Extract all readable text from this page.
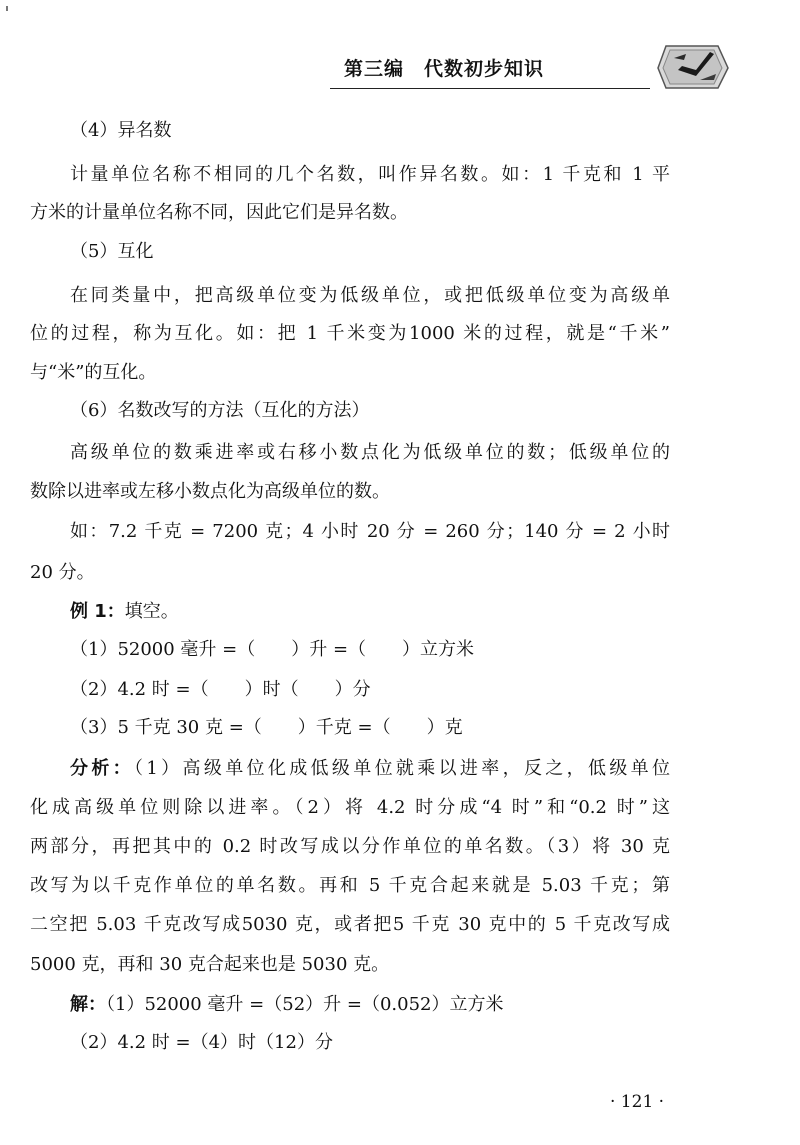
第三编　代数初步知识
（4）异名数
计量单位名称不相同的几个名数，叫作异名数。如：1 千克和 1 平
方米的计量单位名称不同，因此它们是异名数。
（5）互化
在同类量中，把高级单位变为低级单位，或把低级单位变为高级单
位的过程，称为互化。如：把 1 千米变为1000 米的过程，就是“千米”
与“米”的互化。
（6）名数改写的方法（互化的方法）
高级单位的数乘进率或右移小数点化为低级单位的数；低级单位的
数除以进率或左移小数点化为高级单位的数。
如：7.2 千克 = 7200 克；4 小时 20 分 = 260 分；140 分 = 2 小时
20 分。
例 1：填空。
（1）52000 毫升 =（　　）升 =（　　）立方米
（2）4.2 时 =（　　）时（　　）分
（3）5 千克 30 克 =（　　）千克 =（　　）克
分析：（1）高级单位化成低级单位就乘以进率，反之，低级单位
化成高级单位则除以进率。（2）将 4.2 时分成“4 时”和“0.2 时”这
两部分，再把其中的 0.2 时改写成以分作单位的单名数。（3）将 30 克
改写为以千克作单位的单名数。再和 5 千克合起来就是 5.03 千克；第
二空把 5.03 千克改写成5030 克，或者把5 千克 30 克中的 5 千克改写成
5000 克，再和 30 克合起来也是 5030 克。
解：（1）52000 毫升 =（52）升 =（0.052）立方米
（2）4.2 时 =（4）时（12）分
· 121 ·
